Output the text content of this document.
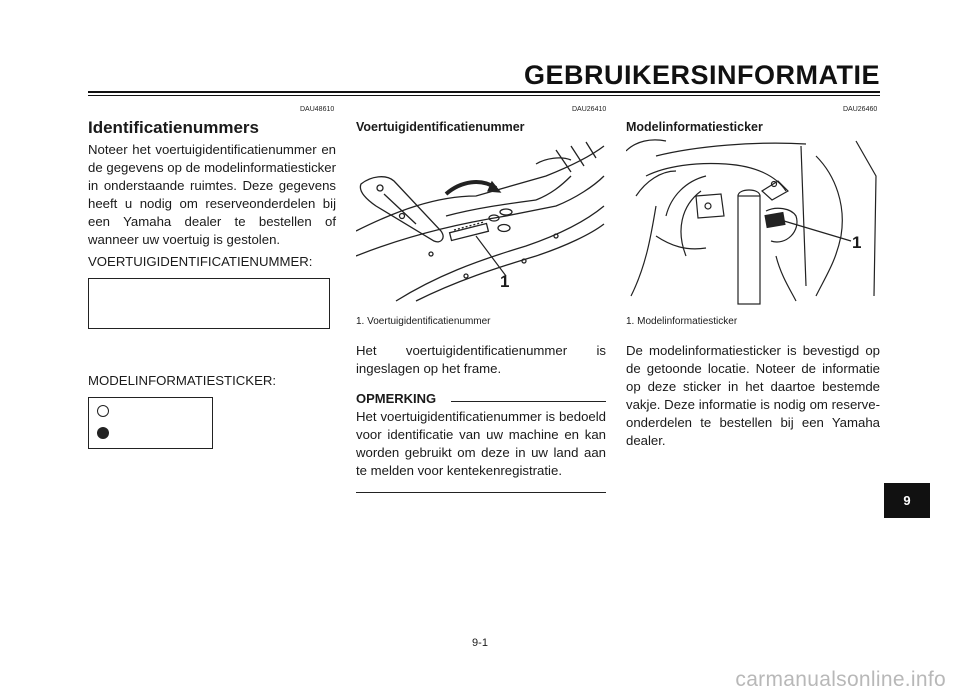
GEBRUIKERSINFORMATIE
DAU48610
Identificatienummers
Noteer het voertuigidentificatienummer en de gegevens op de modelinformatiesticker in onderstaande ruimtes. Deze gegevens heeft u nodig om reserveonderdelen bij een Yamaha dealer te bestellen of wanneer uw voertuig is gestolen.
VOERTUIGIDENTIFICATIENUMMER:
MODELINFORMATIESTICKER:
DAU26410
Voertuigidentificatienummer
1
1. Voertuigidentificatienummer
Het voertuigidentificatienummer is ingeslagen op het frame.
OPMERKING
Het voertuigidentificatienummer is bedoeld voor identificatie van uw machine en kan worden gebruikt om deze in uw land aan te melden voor kentekenregistratie.
DAU26460
Modelinformatiesticker
1
1. Modelinformatiesticker
De modelinformatiesticker is bevestigd op de getoonde locatie. Noteer de informatie op deze sticker in het daartoe bestemde vakje. Deze informatie is nodig om reserve-onderdelen te bestellen bij een Yamaha dealer.
9
9-1
carmanualsonline.info
